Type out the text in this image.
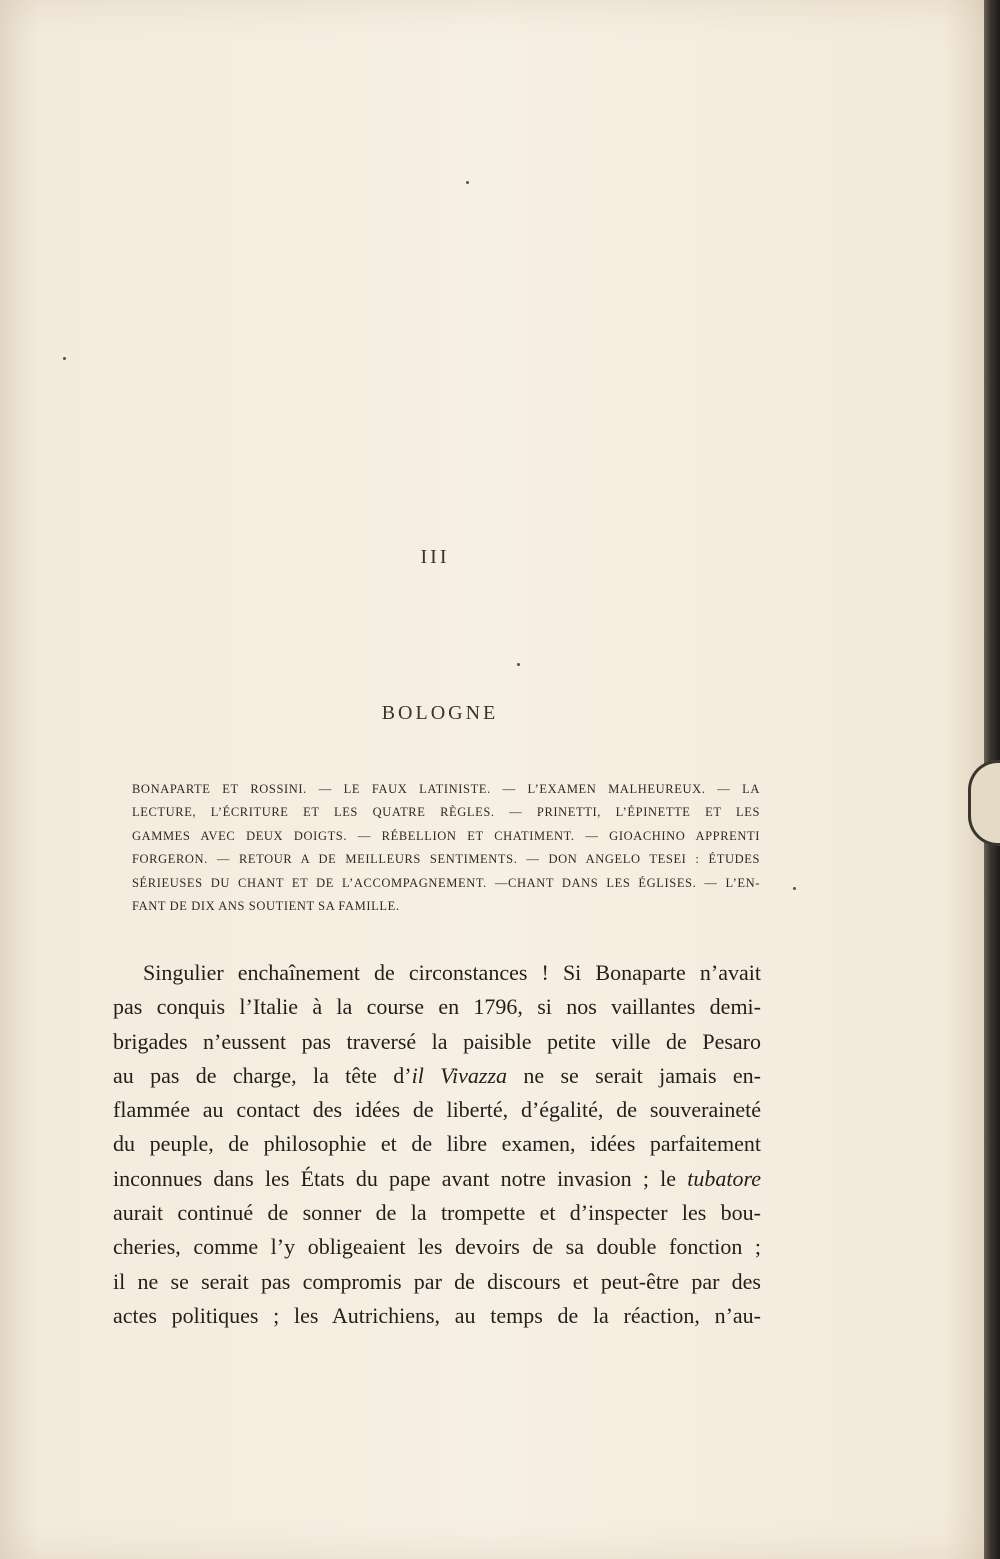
III
BOLOGNE
BONAPARTE ET ROSSINI. — LE FAUX LATINISTE. — L’EXAMEN MALHEUREUX. — LA
LECTURE, L’ÉCRITURE ET LES QUATRE RÈGLES. — PRINETTI, L’ÉPINETTE ET LES
GAMMES AVEC DEUX DOIGTS. — RÉBELLION ET CHATIMENT. — GIOACHINO APPRENTI
FORGERON. — RETOUR A DE MEILLEURS SENTIMENTS. — DON ANGELO TESEI : ÉTUDES
SÉRIEUSES DU CHANT ET DE L’ACCOMPAGNEMENT. —CHANT DANS LES ÉGLISES. — L’EN-
FANT DE DIX ANS SOUTIENT SA FAMILLE.
Singulier enchaînement de circonstances ! Si Bonaparte n’avait
pas conquis l’Italie à la course en 1796, si nos vaillantes demi-
brigades n’eussent pas traversé la paisible petite ville de Pesaro
au pas de charge, la tête d’il Vivazza ne se serait jamais en-
flammée au contact des idées de liberté, d’égalité, de souveraineté
du peuple, de philosophie et de libre examen, idées parfaitement
inconnues dans les États du pape avant notre invasion ; le tubatore
aurait continué de sonner de la trompette et d’inspecter les bou-
cheries, comme l’y obligeaient les devoirs de sa double fonction ;
il ne se serait pas compromis par de discours et peut-être par des
actes politiques ; les Autrichiens, au temps de la réaction, n’au-
